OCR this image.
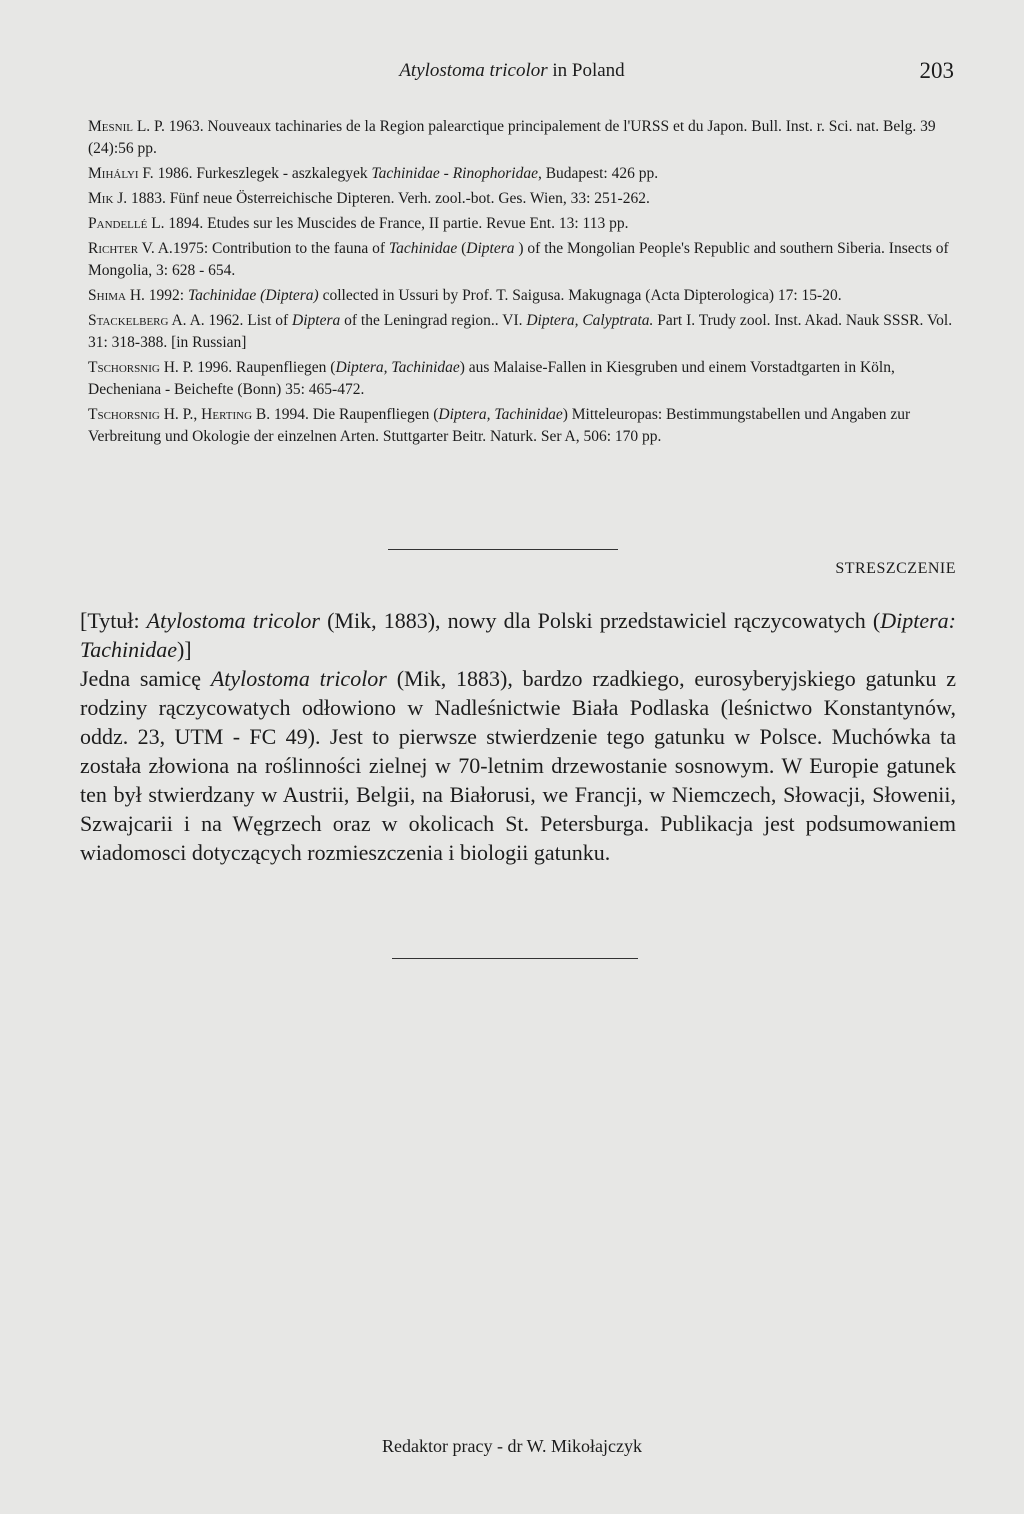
Atylostoma tricolor in Poland	203
Mesnil L. P. 1963. Nouveaux tachinaries de la Region palearctique principalement de l'URSS et du Japon. Bull. Inst. r. Sci. nat. Belg. 39 (24):56 pp.
Mihályi F. 1986. Furkeszlegek - aszkalegyek Tachinidae - Rinophoridae, Budapest: 426 pp.
Mik J. 1883. Fünf neue Österreichische Dipteren. Verh. zool.-bot. Ges. Wien, 33: 251-262.
Pandellé L. 1894. Etudes sur les Muscides de France, II partie. Revue Ent. 13: 113 pp.
Richter V. A.1975: Contribution to the fauna of Tachinidae (Diptera ) of the Mongolian People's Republic and southern Siberia. Insects of Mongolia, 3: 628 - 654.
Shima H. 1992: Tachinidae (Diptera) collected in Ussuri by Prof. T. Saigusa. Makugnaga (Acta Dipterologica) 17: 15-20.
Stackelberg A. A. 1962. List of Diptera of the Leningrad region.. VI. Diptera, Calyptrata. Part I. Trudy zool. Inst. Akad. Nauk SSSR. Vol. 31: 318-388. [in Russian]
Tschorsnig H. P. 1996. Raupenfliegen (Diptera, Tachinidae) aus Malaise-Fallen in Kiesgruben und einem Vorstadtgarten in Köln, Decheniana - Beichefte (Bonn) 35: 465-472.
Tschorsnig H. P., Herting B. 1994. Die Raupenfliegen (Diptera, Tachinidae) Mitteleuropas: Bestimmungstabellen und Angaben zur Verbreitung und Okologie der einzelnen Arten. Stuttgarter Beitr. Naturk. Ser A, 506: 170 pp.
STRESZCZENIE

[Tytuł: Atylostoma tricolor (Mik, 1883), nowy dla Polski przedstawiciel rączycowatych (Diptera: Tachinidae)]

Jedna samicę Atylostoma tricolor (Mik, 1883), bardzo rzadkiego, eurosyberyjskiego gatunku z rodziny rączycowatych odłowiono w Nadleśnictwie Biała Podlaska (leśnictwo Konstantynów, oddz. 23, UTM - FC 49). Jest to pierwsze stwierdzenie tego gatunku w Polsce. Muchówka ta została złowiona na roślinności zielnej w 70-letnim drzewostanie sosnowym. W Europie gatunek ten był stwierdzany w Austrii, Belgii, na Białorusi, we Francji, w Niemczech, Słowacji, Słowenii, Szwajcarii i na Węgrzech oraz w okolicach St. Petersburga. Publikacja jest podsumowaniem wiadomosci dotyczących rozmieszczenia i biologii gatunku.

Redaktor pracy - dr W. Mikołajczyk
